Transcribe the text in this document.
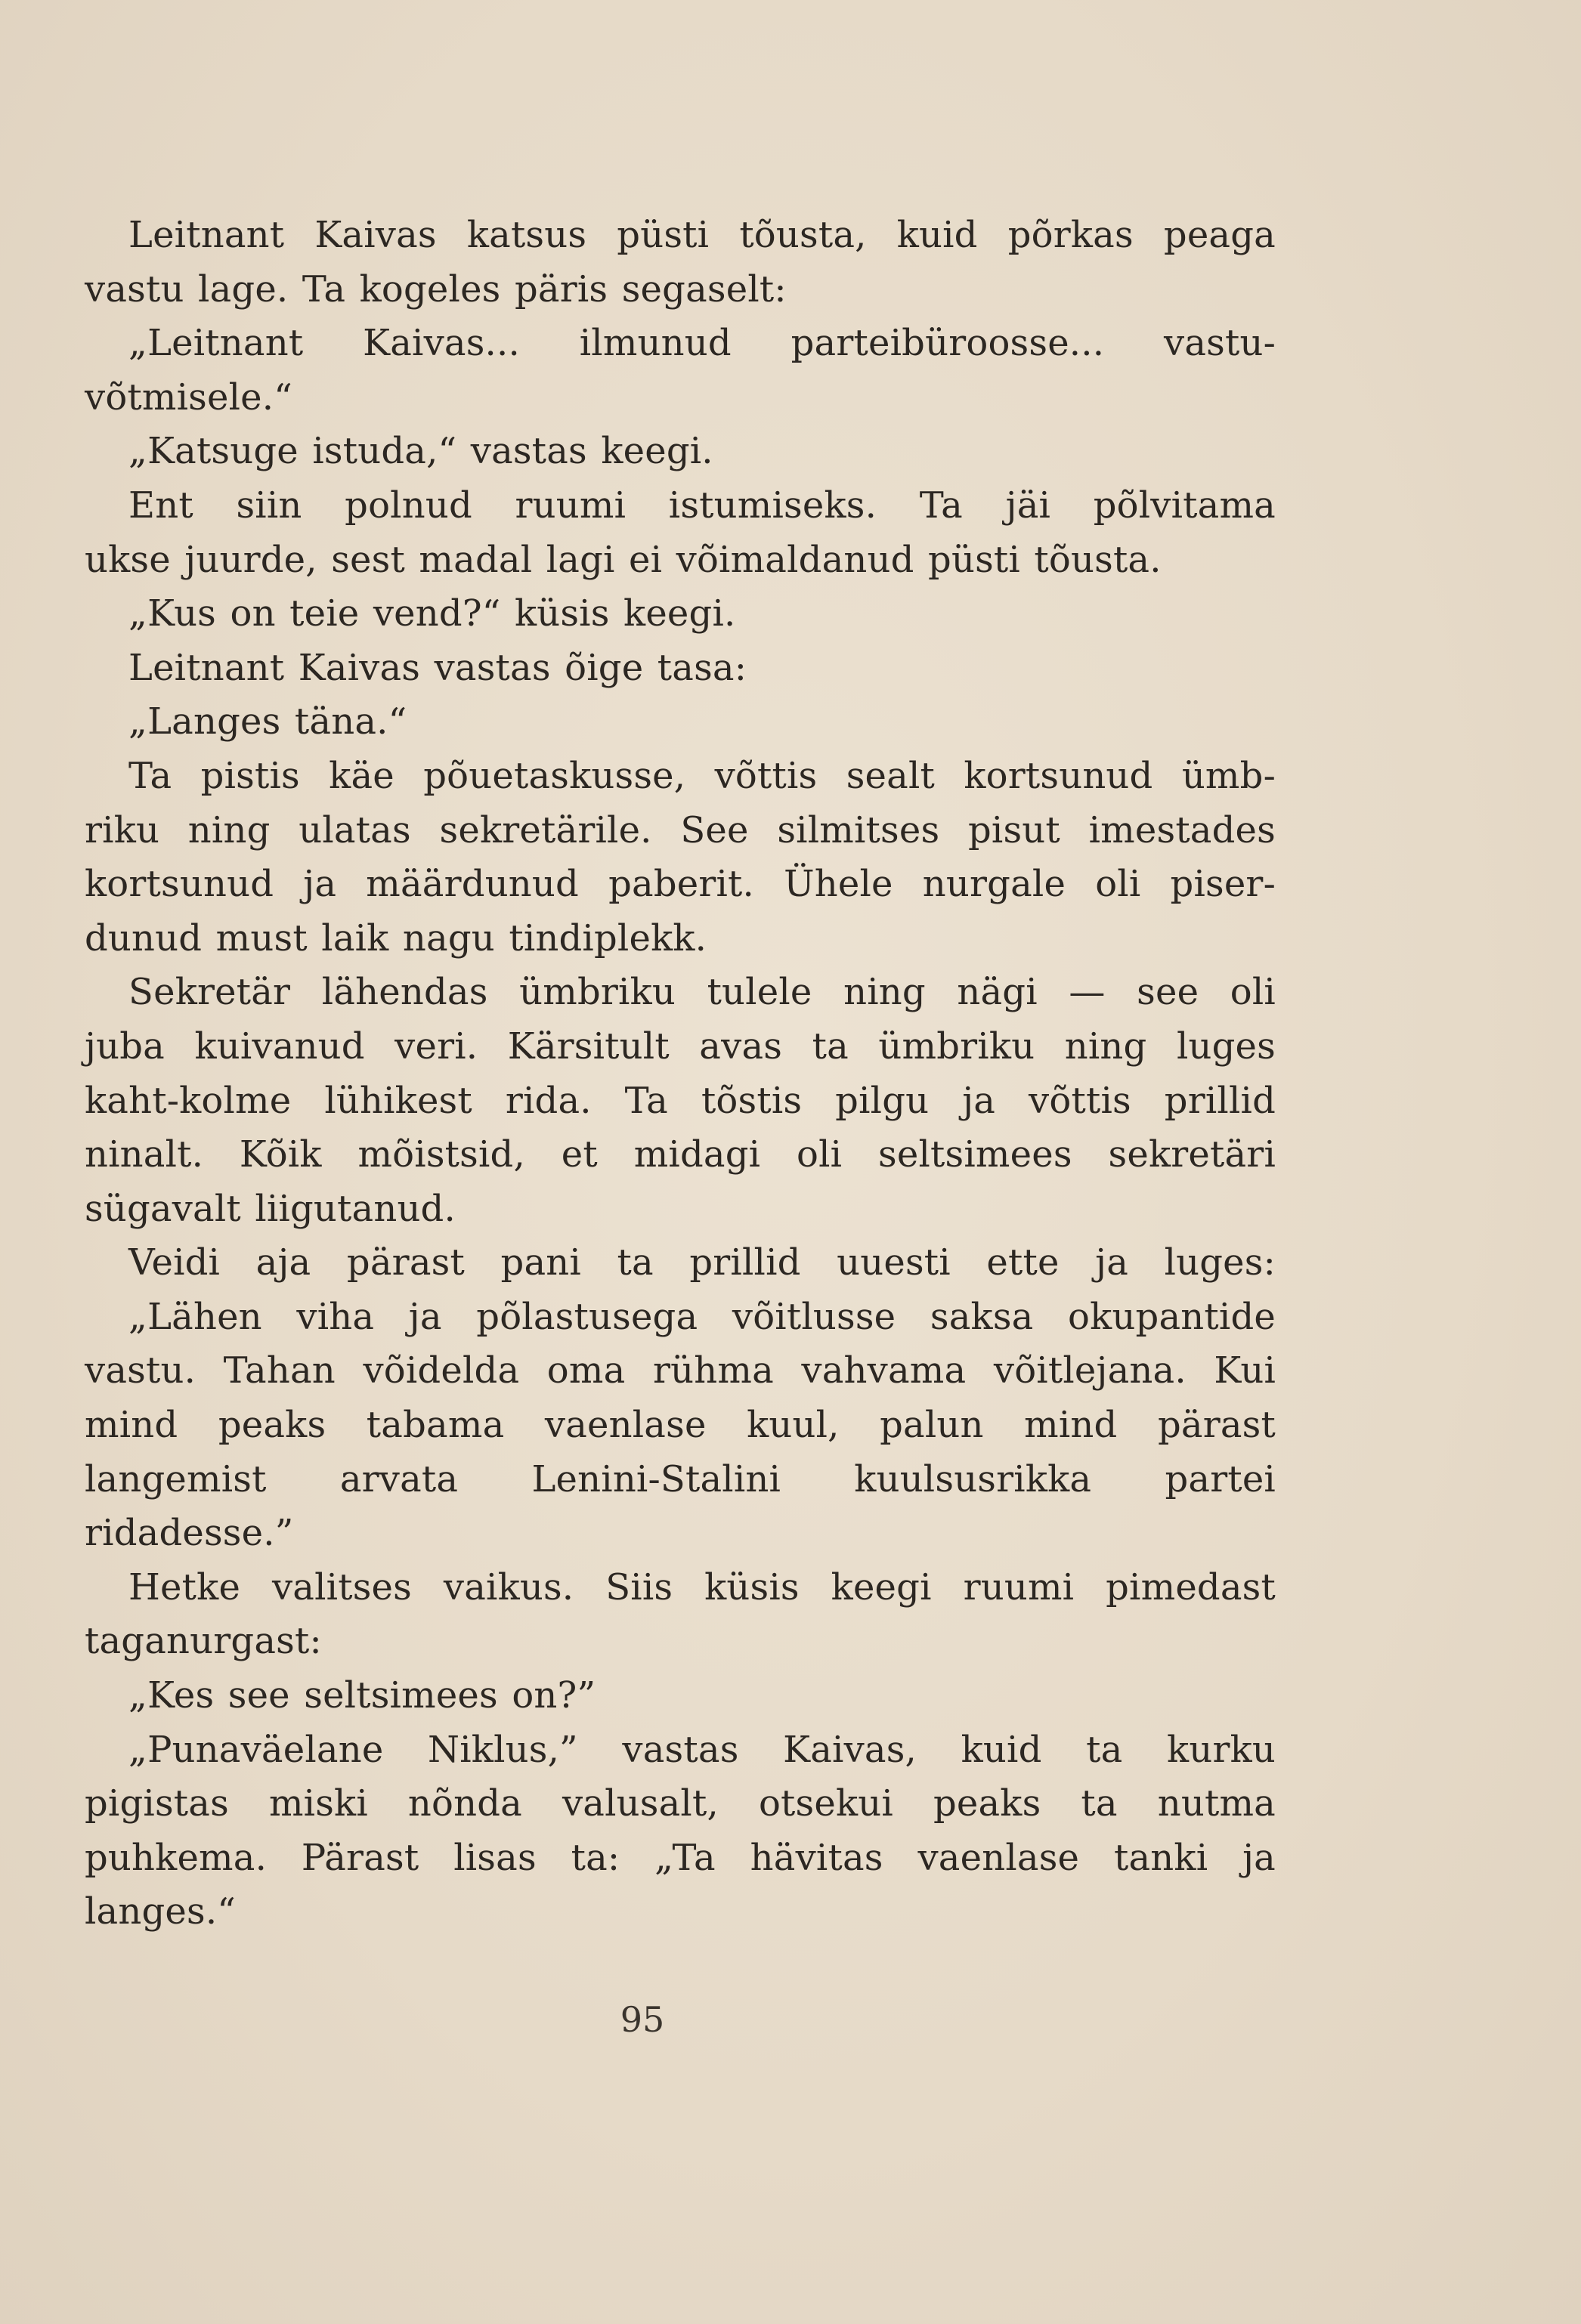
Leitnant Kaivas katsus püsti tõusta, kuid põrkas peaga
vastu lage. Ta kogeles päris segaselt:
„Leitnant Kaivas... ilmunud parteibüroosse... vastu-
võtmisele.“
„Katsuge istuda,“ vastas keegi.
Ent siin polnud ruumi istumiseks. Ta jäi põlvitama
ukse juurde, sest madal lagi ei võimaldanud püsti tõusta.
„Kus on teie vend?“ küsis keegi.
Leitnant Kaivas vastas õige tasa:
„Langes täna.“
Ta pistis käe põuetaskusse, võttis sealt kortsunud ümb-
riku ning ulatas sekretärile. See silmitses pisut imestades
kortsunud ja määrdunud paberit. Ühele nurgale oli piser-
dunud must laik nagu tindiplekk.
Sekretär lähendas ümbriku tulele ning nägi — see oli
juba kuivanud veri. Kärsitult avas ta ümbriku ning luges
kaht-kolme lühikest rida. Ta tõstis pilgu ja võttis prillid
ninalt. Kõik mõistsid, et midagi oli seltsimees sekretäri
sügavalt liigutanud.
Veidi aja pärast pani ta prillid uuesti ette ja luges:
„Lähen viha ja põlastusega võitlusse saksa okupantide
vastu. Tahan võidelda oma rühma vahvama võitlejana. Kui
mind peaks tabama vaenlase kuul, palun mind pärast
langemist arvata Lenini-Stalini kuulsusrikka partei
ridadesse.”
Hetke valitses vaikus. Siis küsis keegi ruumi pimedast
taganurgast:
„Kes see seltsimees on?”
„Punaväelane Niklus,” vastas Kaivas, kuid ta kurku
pigistas miski nõnda valusalt, otsekui peaks ta nutma
puhkema. Pärast lisas ta: „Ta hävitas vaenlase tanki ja
langes.“
95
